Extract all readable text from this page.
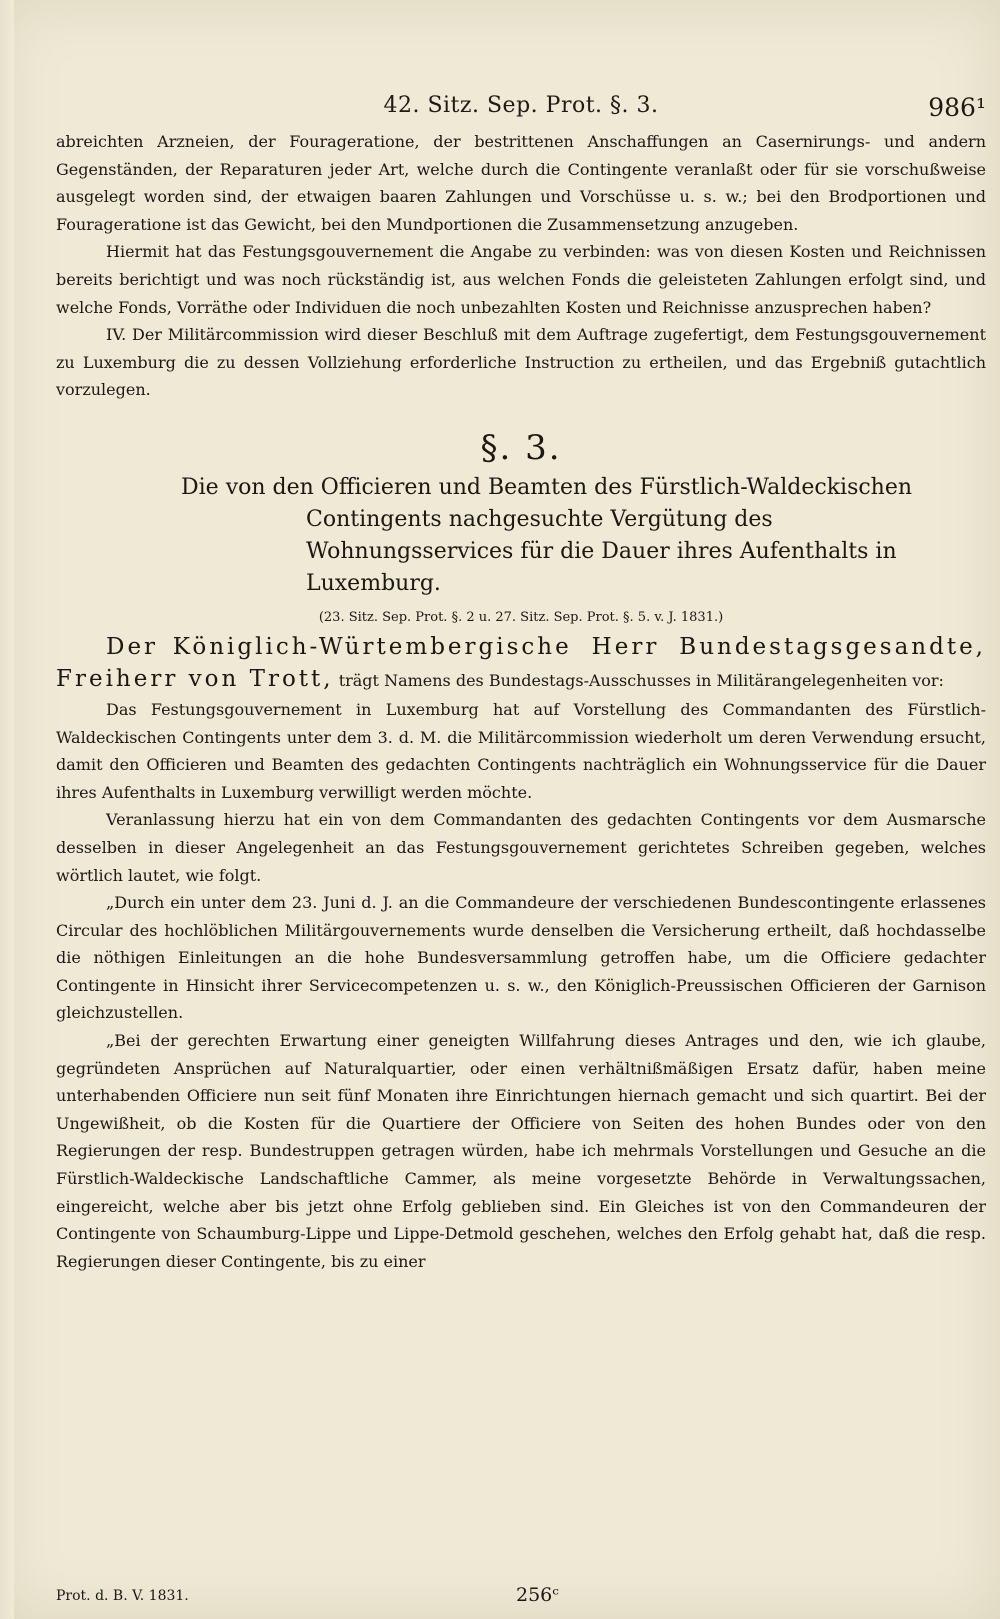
42. Sitz. Sep. Prot. §. 3.	986¹

abreichten Arzneien, der Fourageratione, der bestrittenen Anschaffungen an Casernirungs- und andern Gegenständen, der Reparaturen jeder Art, welche durch die Contingente veranlaßt oder für sie vorschußweise ausgelegt worden sind, der etwaigen baaren Zahlungen und Vorschüsse u. s. w.; bei den Brodportionen und Fourageratione ist das Gewicht, bei den Mundportionen die Zusammensetzung anzugeben.

Hiermit hat das Festungsgouvernement die Angabe zu verbinden: was von diesen Kosten und Reichnissen bereits berichtigt und was noch rückständig ist, aus welchen Fonds die geleisteten Zahlungen erfolgt sind, und welche Fonds, Vorräthe oder Individuen die noch unbezahlten Kosten und Reichnisse anzusprechen haben?

IV. Der Militärcommission wird dieser Beschluß mit dem Auftrage zugefertigt, dem Festungsgouvernement zu Luxemburg die zu dessen Vollziehung erforderliche Instruction zu ertheilen, und das Ergebniß gutachtlich vorzulegen.

§. 3.
Die von den Officieren und Beamten des Fürstlich-Waldeckischen Contingents nachgesuchte Vergütung des Wohnungsservices für die Dauer ihres Aufenthalts in Luxemburg.
(23. Sitz. Sep. Prot. §. 2 u. 27. Sitz. Sep. Prot. §. 5. v. J. 1831.)

Der Königlich-Würtembergische Herr Bundestagsgesandte, Freiherr von Trott, trägt Namens des Bundestags-Ausschusses in Militärangelegenheiten vor:

Das Festungsgouvernement in Luxemburg hat auf Vorstellung des Commandanten des Fürstlich-Waldeckischen Contingents unter dem 3. d. M. die Militärcommission wiederholt um deren Verwendung ersucht, damit den Officieren und Beamten des gedachten Contingents nachträglich ein Wohnungsservice für die Dauer ihres Aufenthalts in Luxemburg verwilligt werden möchte.

Veranlassung hierzu hat ein von dem Commandanten des gedachten Contingents vor dem Ausmarsche desselben in dieser Angelegenheit an das Festungsgouvernement gerichtetes Schreiben gegeben, welches wörtlich lautet, wie folgt.

„Durch ein unter dem 23. Juni d. J. an die Commandeure der verschiedenen Bundescontingente erlassenes Circular des hochlöblichen Militärgouvernements wurde denselben die Versicherung ertheilt, daß hochdasselbe die nöthigen Einleitungen an die hohe Bundesversammlung getroffen habe, um die Officiere gedachter Contingente in Hinsicht ihrer Servicecompetenzen u. s. w., den Königlich-Preussischen Officieren der Garnison gleichzustellen.

„Bei der gerechten Erwartung einer geneigten Willfahrung dieses Antrages und den, wie ich glaube, gegründeten Ansprüchen auf Naturalquartier, oder einen verhältnißmäßigen Ersatz dafür, haben meine unterhabenden Officiere nun seit fünf Monaten ihre Einrichtungen hiernach gemacht und sich quartirt. Bei der Ungewißheit, ob die Kosten für die Quartiere der Officiere von Seiten des hohen Bundes oder von den Regierungen der resp. Bundestruppen getragen würden, habe ich mehrmals Vorstellungen und Gesuche an die Fürstlich-Waldeckische Landschaftliche Cammer, als meine vorgesetzte Behörde in Verwaltungssachen, eingereicht, welche aber bis jetzt ohne Erfolg geblieben sind. Ein Gleiches ist von den Commandeuren der Contingente von Schaumburg-Lippe und Lippe-Detmold geschehen, welches den Erfolg gehabt hat, daß die resp. Regierungen dieser Contingente, bis zu einer

Prot. d. B. V. 1831.	256ᶜ
